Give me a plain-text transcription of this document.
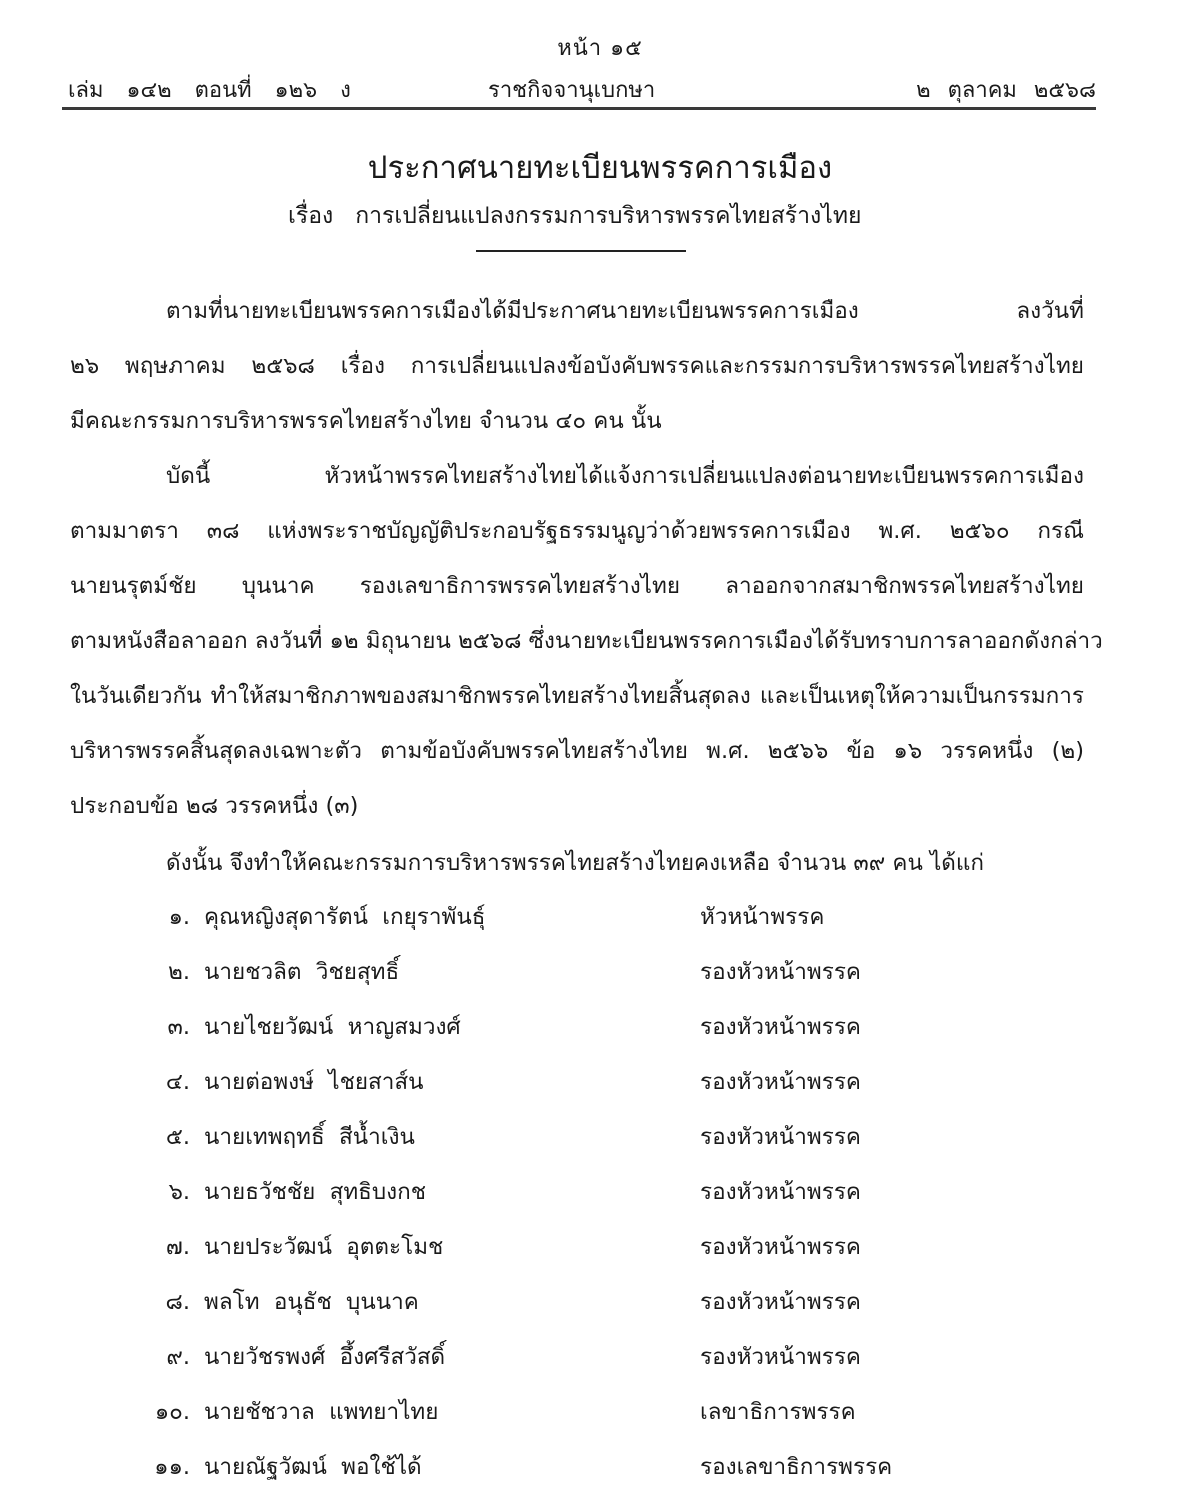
หน้า ๑๕
เล่ม ๑๔๒ ตอนที่ ๑๒๖ ง	ราชกิจจานุเบกษา	๒ ตุลาคม ๒๕๖๘
ประกาศนายทะเบียนพรรคการเมือง
เรื่อง   การเปลี่ยนแปลงกรรมการบริหารพรรคไทยสร้างไทย
ตามที่นายทะเบียนพรรคการเมืองได้มีประกาศนายทะเบียนพรรคการเมือง ลงวันที่
๒๖ พฤษภาคม ๒๕๖๘ เรื่อง การเปลี่ยนแปลงข้อบังคับพรรคและกรรมการบริหารพรรคไทยสร้างไทย
มีคณะกรรมการบริหารพรรคไทยสร้างไทย จำนวน ๔๐ คน นั้น
บัดนี้ หัวหน้าพรรคไทยสร้างไทยได้แจ้งการเปลี่ยนแปลงต่อนายทะเบียนพรรคการเมือง
ตามมาตรา ๓๘ แห่งพระราชบัญญัติประกอบรัฐธรรมนูญว่าด้วยพรรคการเมือง พ.ศ. ๒๕๖๐ กรณี
นายนรุตม์ชัย บุนนาค รองเลขาธิการพรรคไทยสร้างไทย ลาออกจากสมาชิกพรรคไทยสร้างไทย
ตามหนังสือลาออก ลงวันที่ ๑๒ มิถุนายน ๒๕๖๘ ซึ่งนายทะเบียนพรรคการเมืองได้รับทราบการลาออกดังกล่าว
ในวันเดียวกัน ทำให้สมาชิกภาพของสมาชิกพรรคไทยสร้างไทยสิ้นสุดลง และเป็นเหตุให้ความเป็นกรรมการ
บริหารพรรคสิ้นสุดลงเฉพาะตัว ตามข้อบังคับพรรคไทยสร้างไทย พ.ศ. ๒๕๖๖ ข้อ ๑๖ วรรคหนึ่ง (๒)
ประกอบข้อ ๒๘ วรรคหนึ่ง (๓)
ดังนั้น จึงทำให้คณะกรรมการบริหารพรรคไทยสร้างไทยคงเหลือ จำนวน ๓๙ คน ได้แก่
๑. คุณหญิงสุดารัตน์  เกยุราพันธุ์	หัวหน้าพรรค
๒. นายชวลิต  วิชยสุทธิ์	รองหัวหน้าพรรค
๓. นายไชยวัฒน์  หาญสมวงศ์	รองหัวหน้าพรรค
๔. นายต่อพงษ์  ไชยสาส์น	รองหัวหน้าพรรค
๕. นายเทพฤทธิ์  สีน้ำเงิน	รองหัวหน้าพรรค
๖. นายธวัชชัย  สุทธิบงกช	รองหัวหน้าพรรค
๗. นายประวัฒน์  อุตตะโมช	รองหัวหน้าพรรค
๘. พลโท  อนุธัช  บุนนาค	รองหัวหน้าพรรค
๙. นายวัชรพงศ์  อึ้งศรีสวัสดิ์	รองหัวหน้าพรรค
๑๐. นายชัชวาล  แพทยาไทย	เลขาธิการพรรค
๑๑. นายณัฐวัฒน์  พอใช้ได้	รองเลขาธิการพรรค
